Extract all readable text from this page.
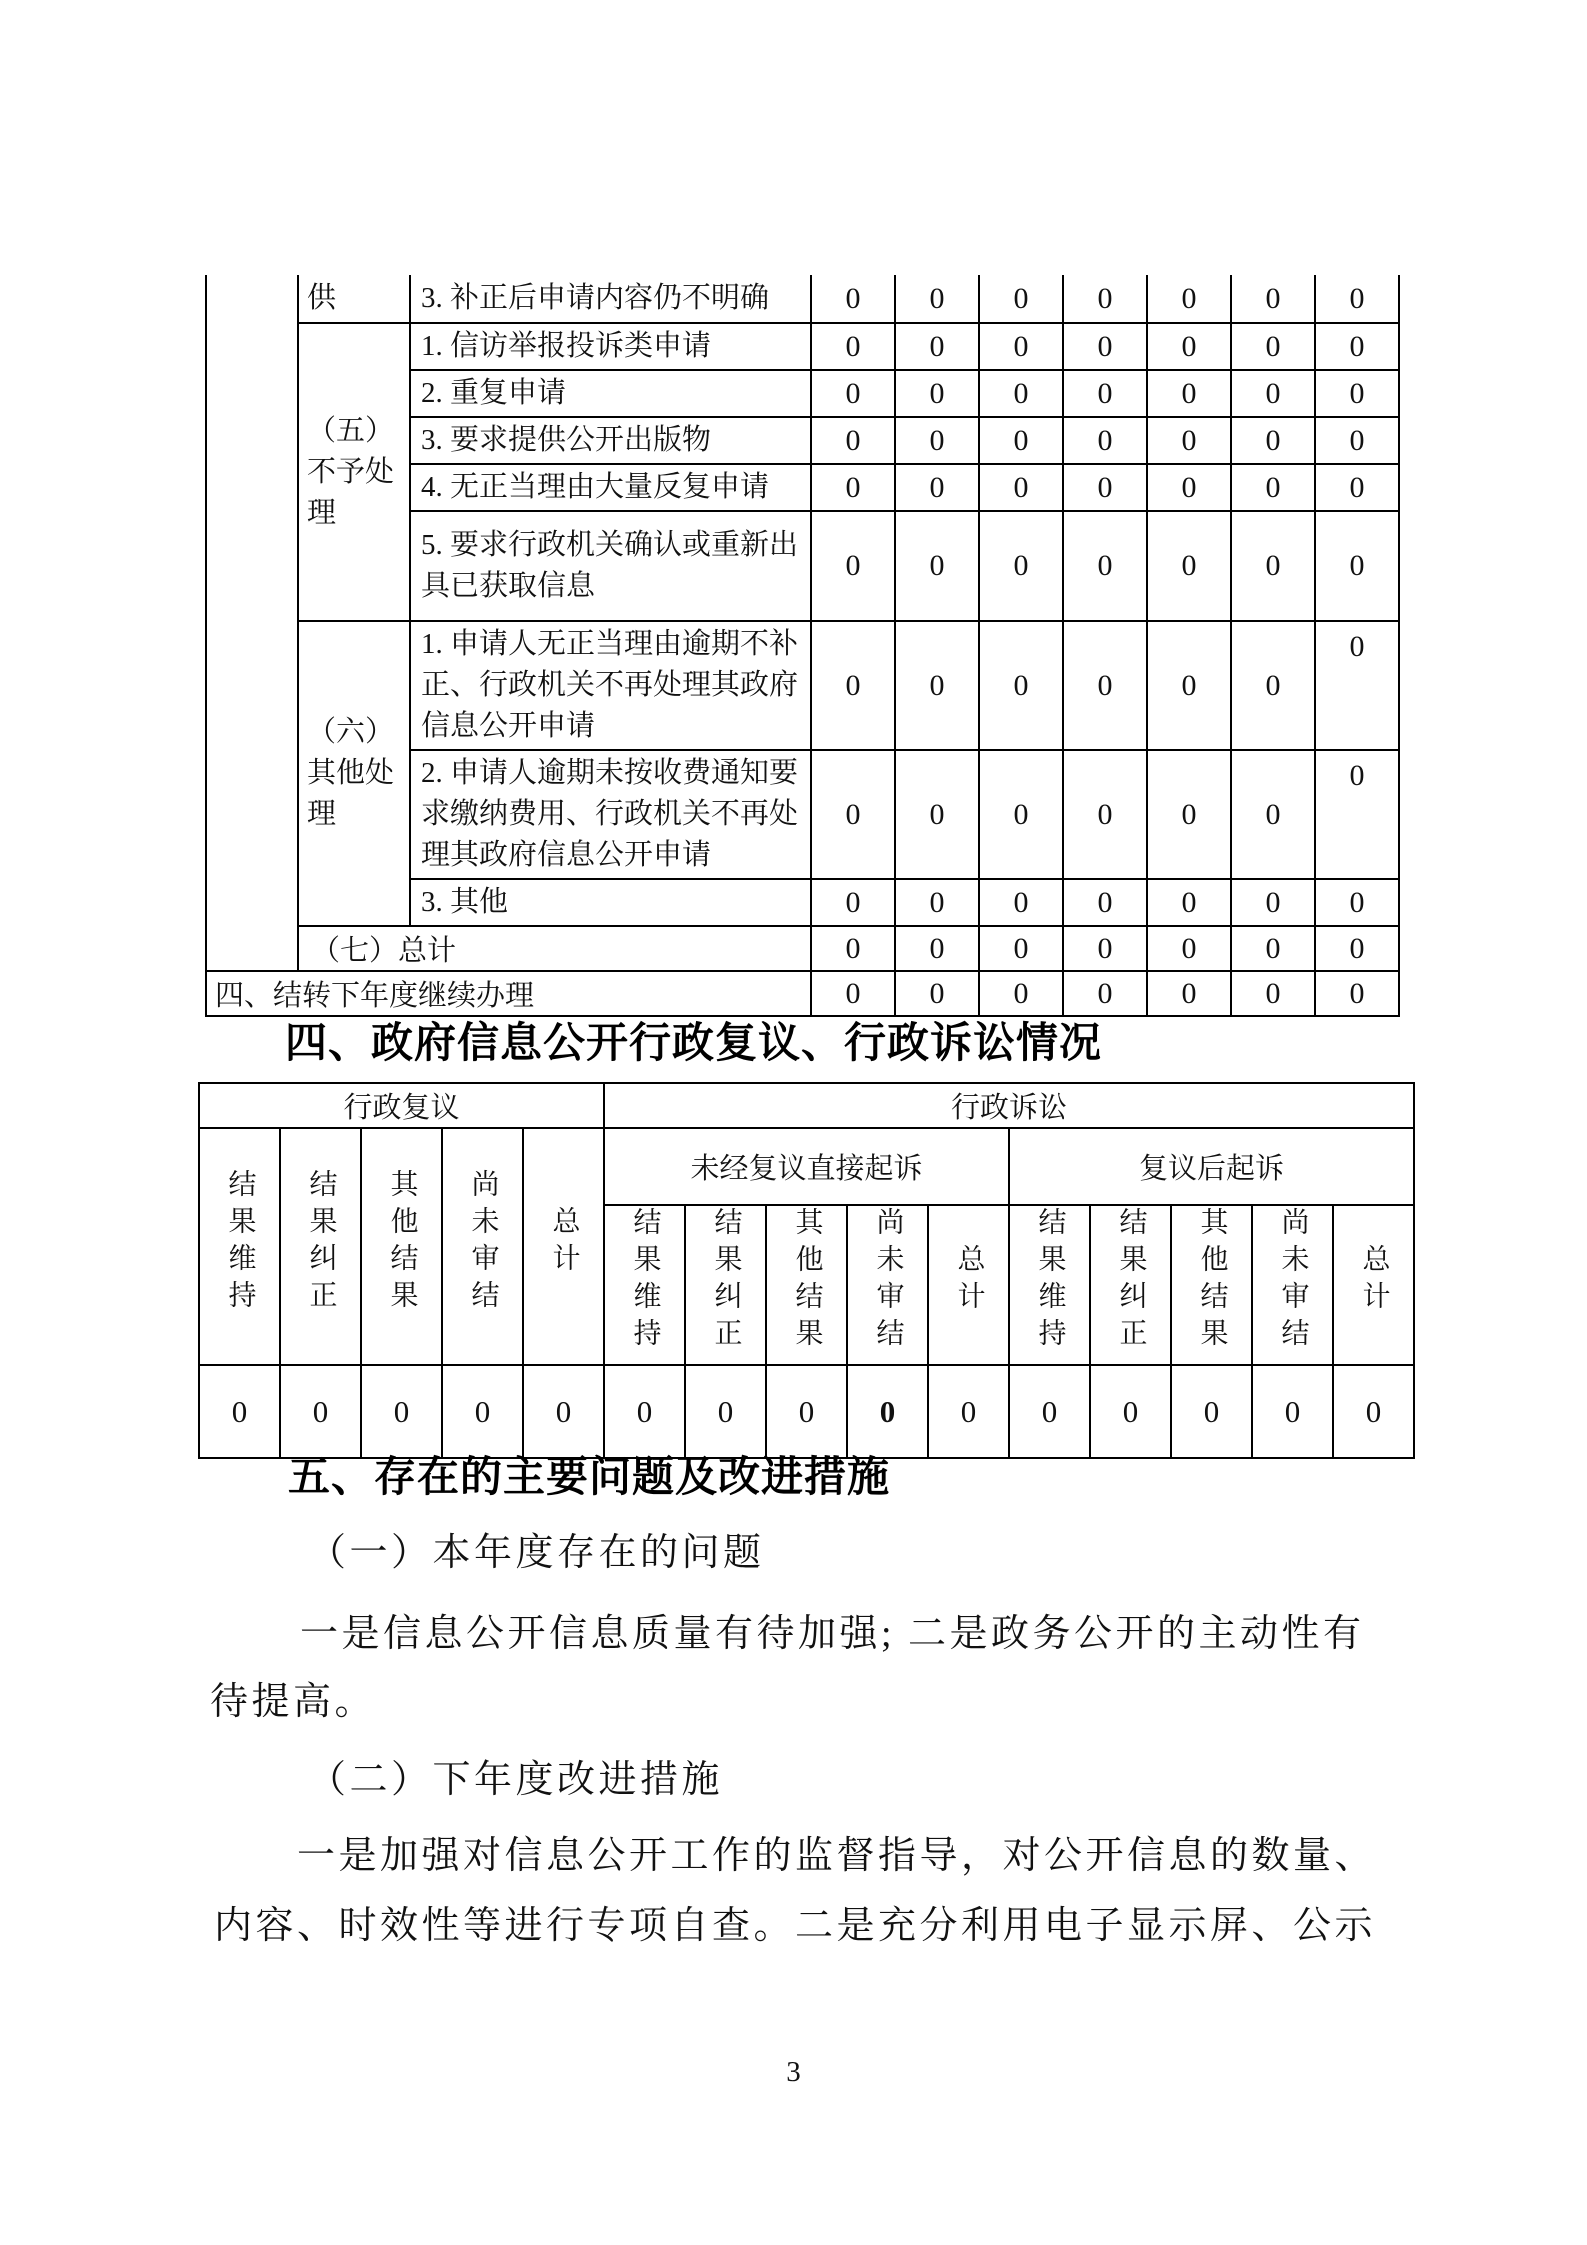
	供	3. 补正后申请内容仍不明确	0	0	0	0	0	0	0
	（五）不予处理	1. 信访举报投诉类申请	0	0	0	0	0	0	0
		2. 重复申请	0	0	0	0	0	0	0
		3. 要求提供公开出版物	0	0	0	0	0	0	0
		4. 无正当理由大量反复申请	0	0	0	0	0	0	0
		5. 要求行政机关确认或重新出具已获取信息	0	0	0	0	0	0	0
	（六）其他处理	1. 申请人无正当理由逾期不补正、行政机关不再处理其政府信息公开申请	0	0	0	0	0	0	0
		2. 申请人逾期未按收费通知要求缴纳费用、行政机关不再处理其政府信息公开申请	0	0	0	0	0	0	0
		3. 其他	0	0	0	0	0	0	0
	（七）总计		0	0	0	0	0	0	0
四、结转下年度继续办理			0	0	0	0	0	0	0
四、政府信息公开行政复议、行政诉讼情况
行政复议					行政诉讼									
结果维持	结果纠正	其他结果	尚未审结	总计	未经复议直接起诉					复议后起诉				
					结果维持	结果纠正	其他结果	尚未审结	总计	结果维持	结果纠正	其他结果	尚未审结	总计
0	0	0	0	0	0	0	0	0	0	0	0	0	0	0
五、存在的主要问题及改进措施
（一）本年度存在的问题
一是信息公开信息质量有待加强; 二是政务公开的主动性有
待提高。
（二）下年度改进措施
一是加强对信息公开工作的监督指导，对公开信息的数量、
内容、时效性等进行专项自查。二是充分利用电子显示屏、公示
3
